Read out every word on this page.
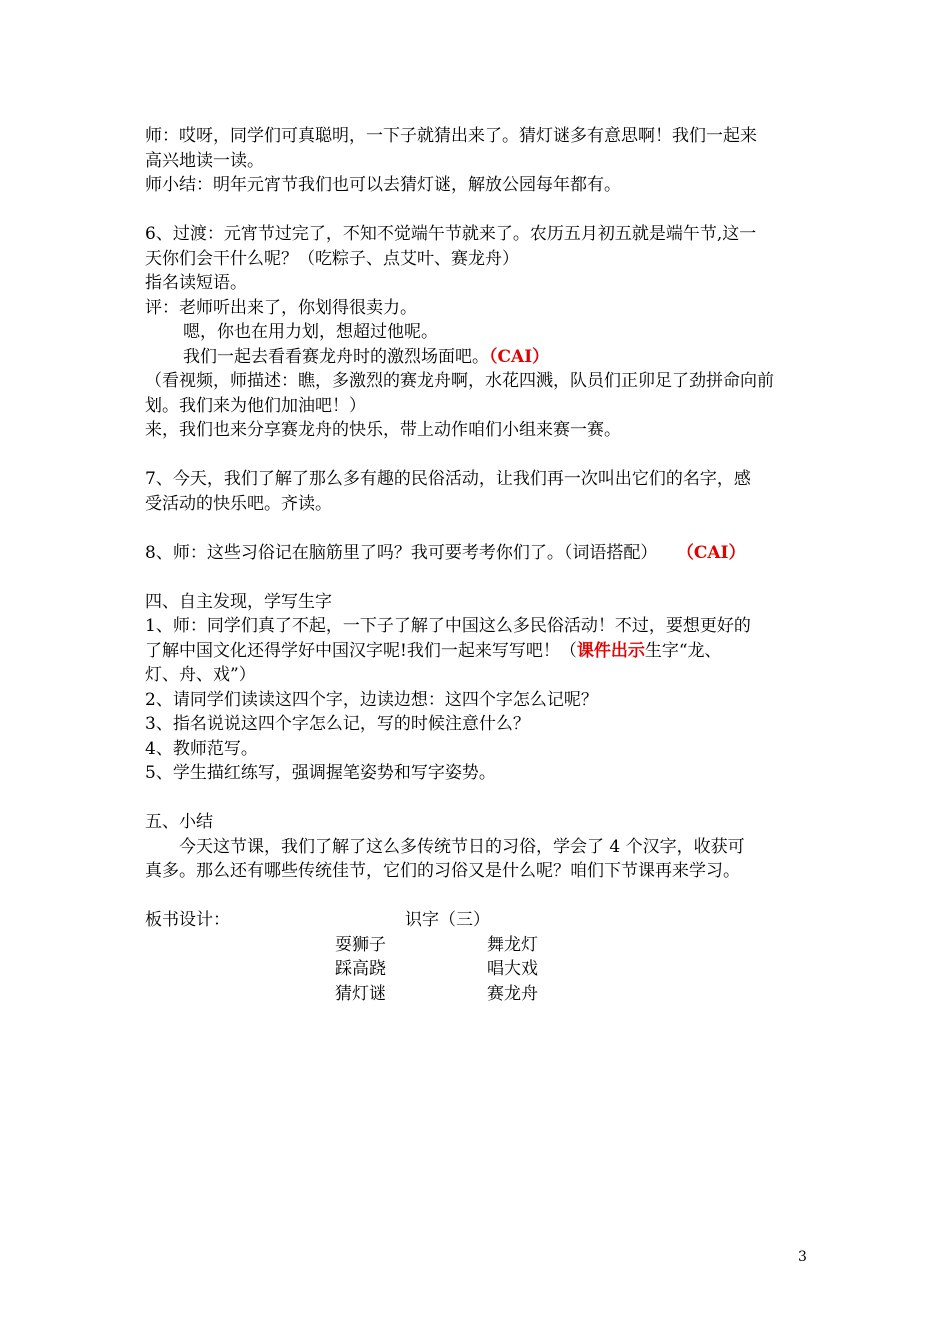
师：哎呀，同学们可真聪明，一下子就猜出来了。猜灯谜多有意思啊！我们一起来
高兴地读一读。
师小结：明年元宵节我们也可以去猜灯谜，解放公园每年都有。
6、过渡：元宵节过完了，不知不觉端午节就来了。农历五月初五就是端午节,这一
天你们会干什么呢？（吃粽子、点艾叶、赛龙舟）
指名读短语。
评：老师听出来了，你划得很卖力。
嗯，你也在用力划，想超过他呢。
我们一起去看看赛龙舟时的激烈场面吧。（CAI）
（看视频，师描述：瞧，多激烈的赛龙舟啊，水花四溅，队员们正卯足了劲拼命向前
划。我们来为他们加油吧！）
来，我们也来分享赛龙舟的快乐，带上动作咱们小组来赛一赛。
7、今天，我们了解了那么多有趣的民俗活动，让我们再一次叫出它们的名字，感
受活动的快乐吧。齐读。
8、师：这些习俗记在脑筋里了吗？我可要考考你们了。（词语搭配） （CAI）
四、自主发现，学写生字
1、师：同学们真了不起，一下子了解了中国这么多民俗活动！不过，要想更好的
了解中国文化还得学好中国汉字呢!我们一起来写写吧！（课件出示生字“龙、
灯、舟、戏”）
2、请同学们读读这四个字，边读边想：这四个字怎么记呢？
3、指名说说这四个字怎么记，写的时候注意什么？
4、教师范写。
5、学生描红练写，强调握笔姿势和写字姿势。
五、小结
今天这节课，我们了解了这么多传统节日的习俗，学会了 4 个汉字，收获可
真多。那么还有哪些传统佳节，它们的习俗又是什么呢？咱们下节课再来学习。
板书设计：	识字（三）
耍狮子	舞龙灯
踩高跷	唱大戏
猜灯谜	赛龙舟
3
